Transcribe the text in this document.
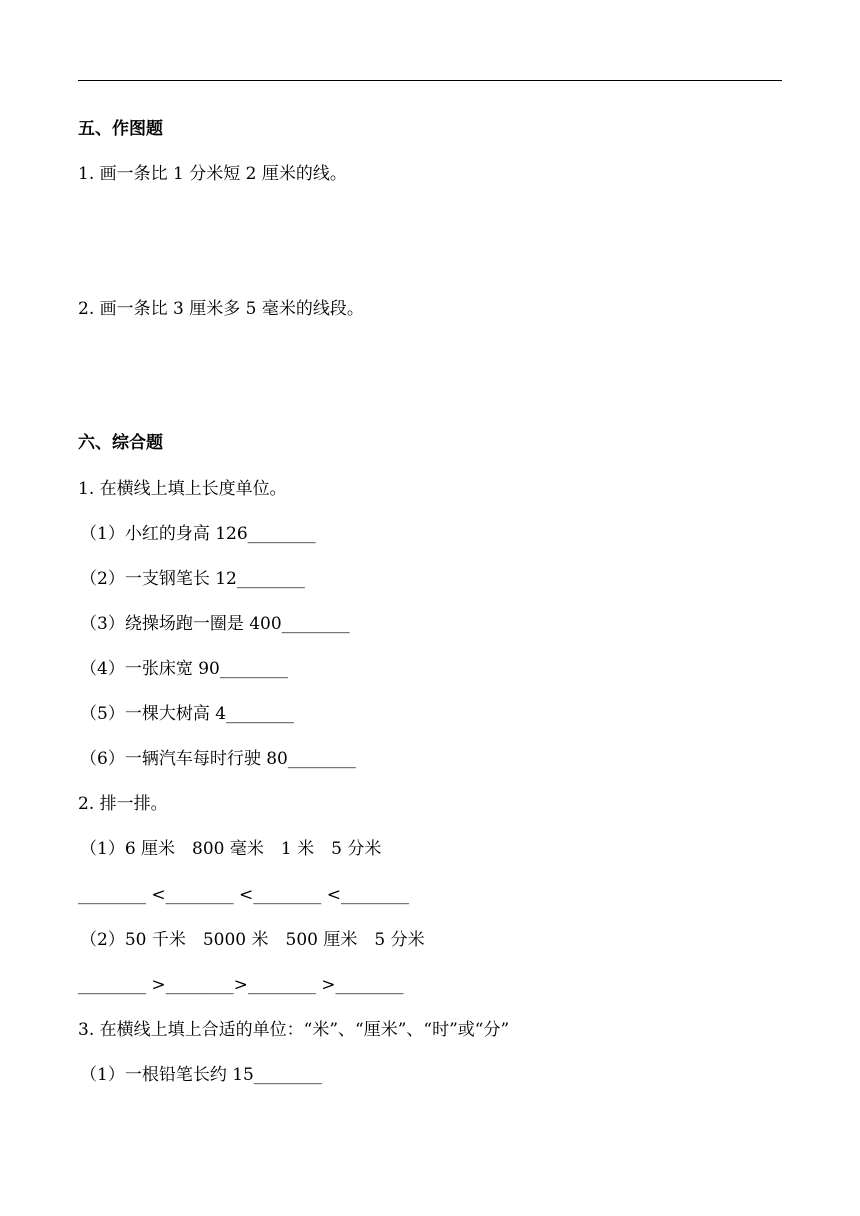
五、作图题
1. 画一条比 1 分米短 2 厘米的线。
2. 画一条比 3 厘米多 5 毫米的线段。
六、综合题
1. 在横线上填上长度单位。
（1）小红的身高 126________
（2）一支钢笔长 12________
（3）绕操场跑一圈是 400________
（4）一张床宽 90________
（5）一棵大树高 4________
（6）一辆汽车每时行驶 80________
2. 排一排。
（1）6 厘米　800 毫米　1 米　5 分米
________ <________ <________ <________
（2）50 千米　5000 米　500 厘米　5 分米
________ >________>________ >________
3. 在横线上填上合适的单位：“米”、“厘米”、“时”或“分”
（1）一根铅笔长约 15________
